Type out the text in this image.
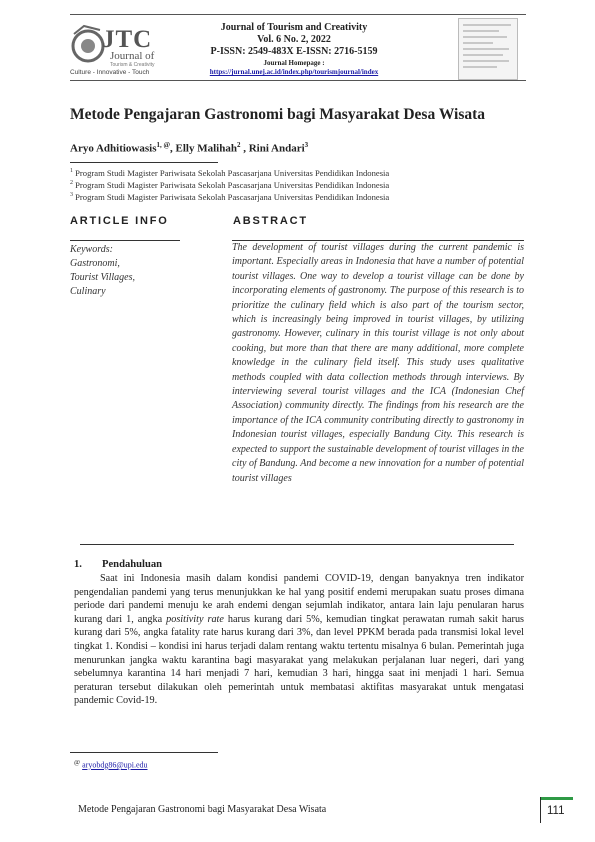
JTC
Journal of
Tourism & Creativity
Culture - Innovative - Touch
Journal of Tourism and Creativity
Vol. 6 No. 2, 2022
P-ISSN: 2549-483X E-ISSN: 2716-5159
Journal Homepage :
https://jurnal.unej.ac.id/index.php/tourismjournal/index
Metode Pengajaran Gastronomi bagi Masyarakat Desa Wisata
Aryo Adhitiowasis$^{1, @}$, Elly Malihah$^2$ , Rini Andari$^3$
$^1$ Program Studi Magister Pariwisata Sekolah Pascasarjana Universitas Pendidikan Indonesia
$^2$ Program Studi Magister Pariwisata Sekolah Pascasarjana Universitas Pendidikan Indonesia
$^3$ Program Studi Magister Pariwisata Sekolah Pascasarjana Universitas Pendidikan Indonesia
ARTICLE INFO	ABSTRACT
Keywords:
Gastronomi,
Tourist Villages,
Culinary
The development of tourist villages during the current pandemic is important. Especially areas in Indonesia that have a number of potential tourist villages. One way to develop a tourist village can be done by incorporating elements of gastronomy. The purpose of this research is to prioritize the culinary field which is also part of the tourism sector, which is increasingly being improved in tourist villages, by utilizing gastronomy. However, culinary in this tourist village is not only about cooking, but more than that there are many additional, more complete knowledge in the culinary field itself. This study uses qualitative methods coupled with data collection methods through interviews. By interviewing several tourist villages and the ICA (Indonesian Chef Association) community directly. The findings from his research are the importance of the ICA community contributing directly to gastronomy in Indonesian tourist villages, especially Bandung City. This research is expected to support the sustainable development of tourist villages in the city of Bandung. And become a new innovation for a number of potential tourist villages
1. Pendahuluan
Saat ini Indonesia masih dalam kondisi pandemi COVID-19, dengan banyaknya tren indikator pengendalian pandemi yang terus menunjukkan ke hal yang positif endemi merupakan suatu proses dimana periode dari pandemi menuju ke arah endemi dengan sejumlah indikator, antara lain laju penularan harus kurang dari 1, angka positivity rate harus kurang dari 5%, kemudian tingkat perawatan rumah sakit harus kurang dari 5%, angka fatality rate harus kurang dari 3%, dan level PPKM berada pada transmisi lokal level tingkat 1. Kondisi – kondisi ini harus terjadi dalam rentang waktu tertentu misalnya 6 bulan. Pemerintah juga menurunkan jangka waktu karantina bagi masyarakat yang melakukan perjalanan luar negeri, dari yang sebelumnya karantina 14 hari menjadi 7 hari, kemudian 3 hari, hingga saat ini menjadi 1 hari. Semua peraturan tersebut dilakukan oleh pemerintah untuk membatasi aktifitas masyarakat untuk mengatasi pandemic Covid-19.
@ aryobdg86@upi.edu
Metode Pengajaran Gastronomi bagi Masyarakat Desa Wisata	111
